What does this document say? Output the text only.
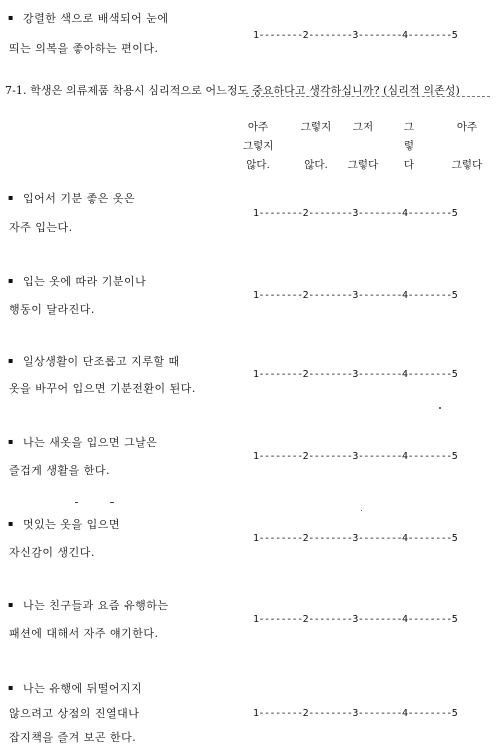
▪ 강렬한 색으로 배색되어 눈에
띄는 의복을 좋아하는 편이다.
1--------2--------3--------4--------5
7-1. 학생은 의류제품 착용시 심리적으로 어느정도 중요하다고 생각하십니까? (심리적 의존성)
아주
그렇지
않다.
그렇지

않다.
그저

그렇다
그
렇
다
아주

그렇다
▪ 입어서 기분 좋은 옷은
자주 입는다.
1--------2--------3--------4--------5
▪ 입는 옷에 따라 기분이나
행동이 달라진다.
1--------2--------3--------4--------5
▪ 일상생활이 단조롭고 지루할 때
옷을 바꾸어 입으면 기분전환이 된다.
1--------2--------3--------4--------5
▪ 나는 새옷을 입으면 그날은
즐겁게 생활을 한다.
1--------2--------3--------4--------5
▪ 멋있는 옷을 입으면
자신감이 생긴다.
1--------2--------3--------4--------5
▪ 나는 친구들과 요즘 유행하는
패션에 대해서 자주 얘기한다.
1--------2--------3--------4--------5
▪ 나는 유행에 뒤떨어지지
않으려고 상점의 진열대나
잡지책을 즐겨 보곤 한다.
1--------2--------3--------4--------5
